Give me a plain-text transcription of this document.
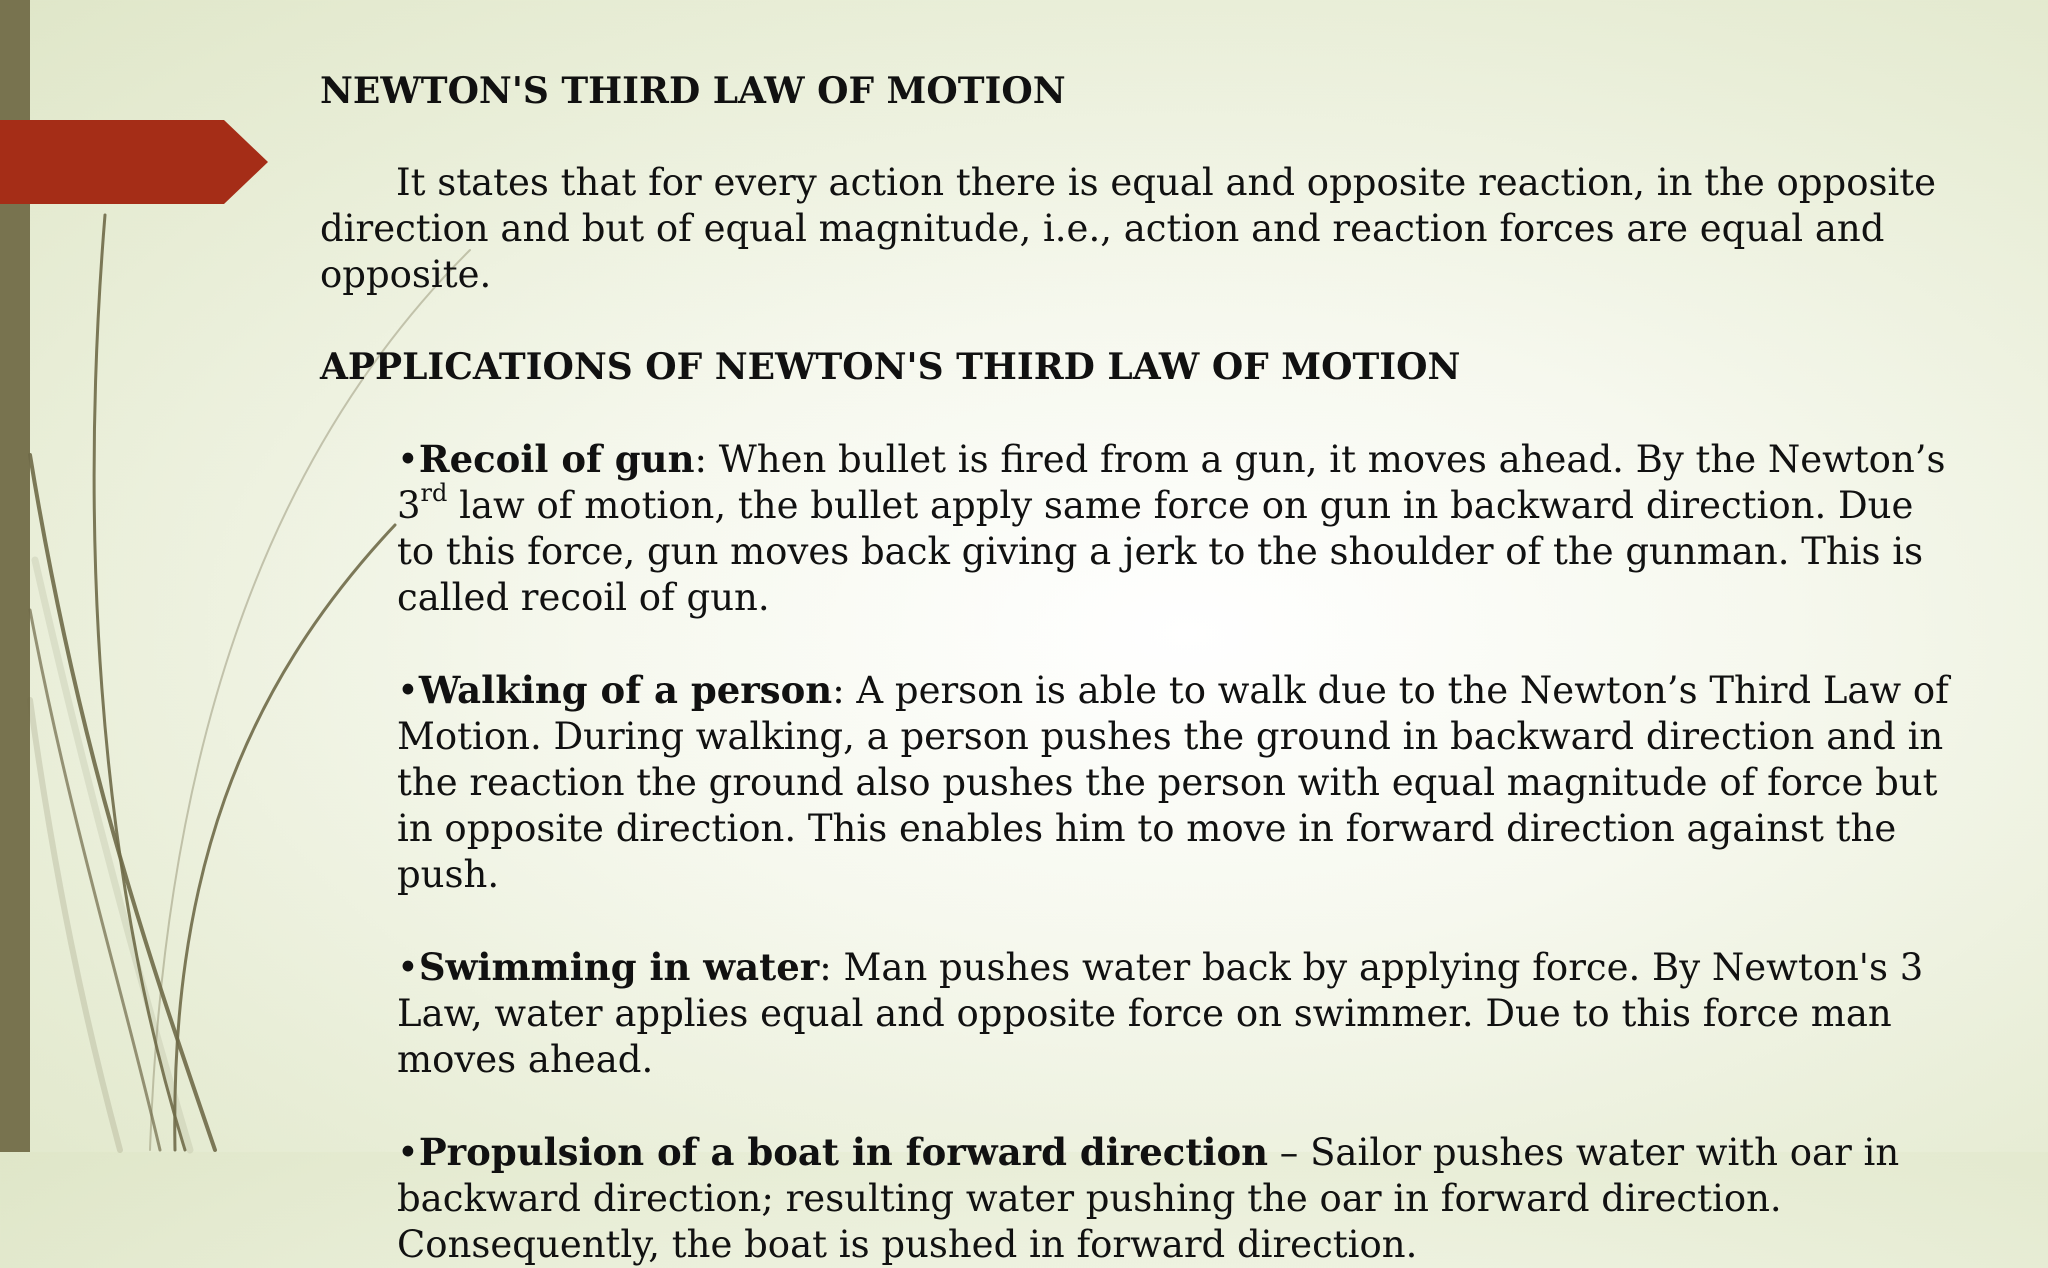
NEWTON'S THIRD LAW OF MOTION

It states that for every action there is equal and opposite reaction, in the opposite direction and but of equal magnitude, i.e., action and reaction forces are equal and opposite.

APPLICATIONS OF NEWTON'S THIRD LAW OF MOTION

•Recoil of gun: When bullet is fired from a gun, it moves ahead. By the Newton’s 3rd law of motion, the bullet apply same force on gun in backward direction. Due to this force, gun moves back giving a jerk to the shoulder of the gunman. This is called recoil of gun.

•Walking of a person: A person is able to walk due to the Newton’s Third Law of Motion. During walking, a person pushes the ground in backward direction and in the reaction the ground also pushes the person with equal magnitude of force but in opposite direction. This enables him to move in forward direction against the push.

•Swimming in water: Man pushes water back by applying force. By Newton's 3 Law, water applies equal and opposite force on swimmer. Due to this force man moves ahead.

•Propulsion of a boat in forward direction – Sailor pushes water with oar in backward direction; resulting water pushing the oar in forward direction. Consequently, the boat is pushed in forward direction.
